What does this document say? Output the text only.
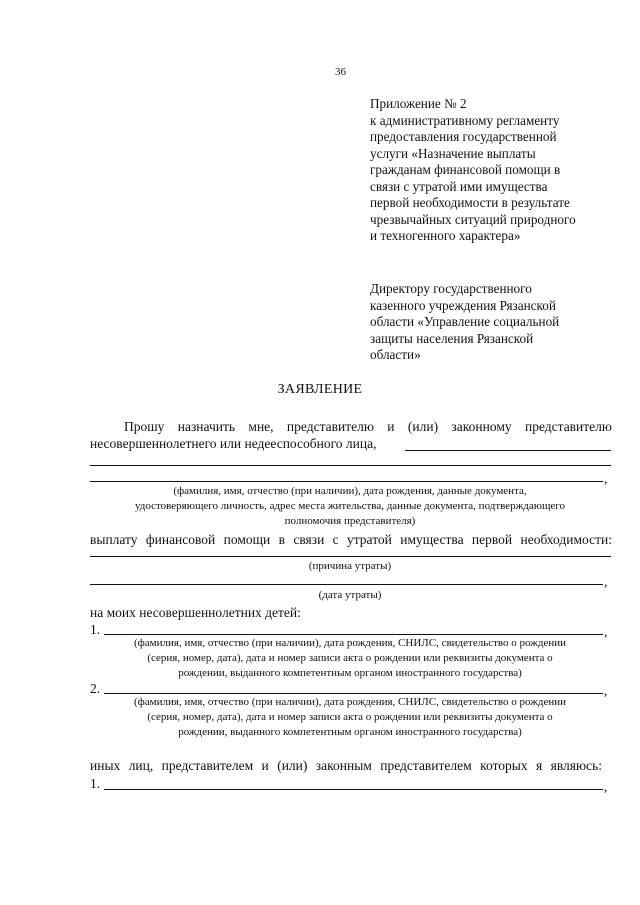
36
Приложение № 2
к административному регламенту
предоставления государственной
услуги «Назначение выплаты
гражданам финансовой помощи в
связи с утратой ими имущества
первой необходимости в результате
чрезвычайных ситуаций природного
и техногенного характера»
Директору государственного
казенного учреждения Рязанской
области «Управление социальной
защиты населения Рязанской
области»
ЗАЯВЛЕНИЕ
Прошу назначить мне, представителю и (или) законному представителю
несовершеннолетнего или недееспособного лица,
,
(фамилия, имя, отчество (при наличии), дата рождения, данные документа,
удостоверяющего личность, адрес места жительства, данные документа, подтверждающего
полномочия представителя)
выплату финансовой помощи в связи с утратой имущества первой необходимости:
(причина утраты)
,
(дата утраты)
на моих несовершеннолетних детей:
1.	,
(фамилия, имя, отчество (при наличии), дата рождения, СНИЛС, свидетельство о рождении
(серия, номер, дата), дата и номер записи акта о рождении или реквизиты документа о
рождении, выданного компетентным органом иностранного государства)
2.	,
(фамилия, имя, отчество (при наличии), дата рождения, СНИЛС, свидетельство о рождении
(серия, номер, дата), дата и номер записи акта о рождении или реквизиты документа о
рождении, выданного компетентным органом иностранного государства)
иных лиц, представителем и (или) законным представителем которых я являюсь:
1.	,
